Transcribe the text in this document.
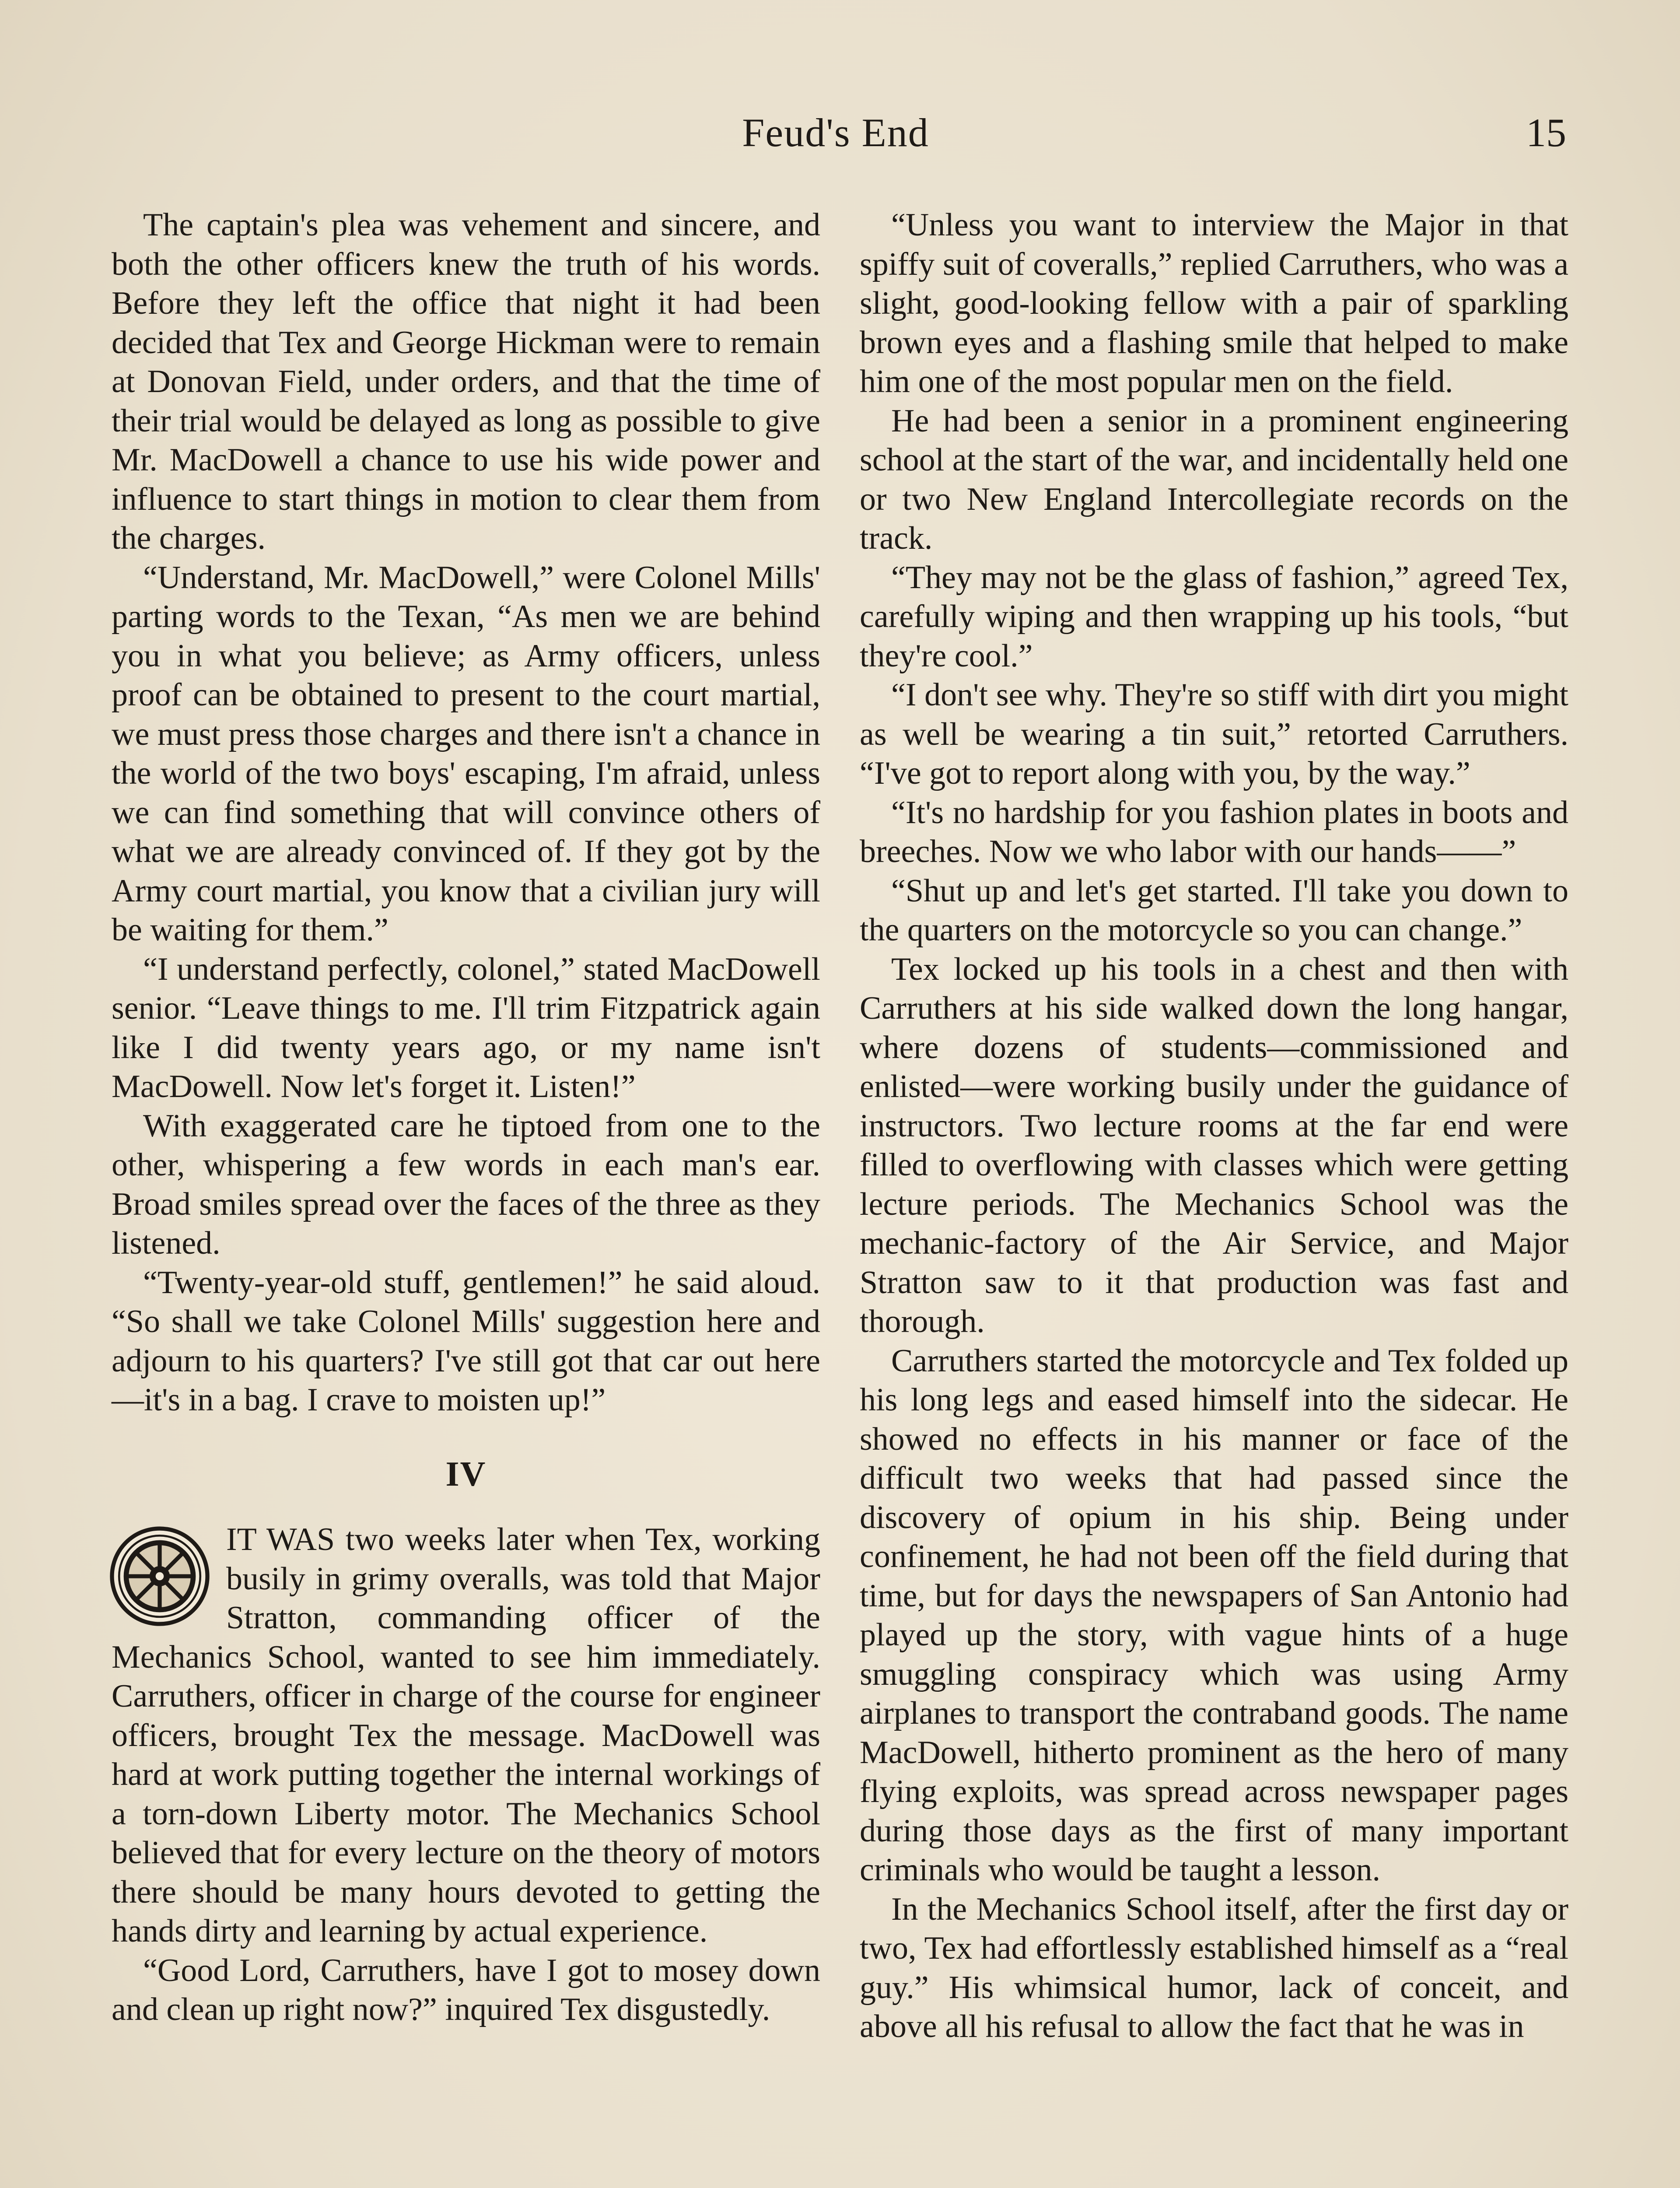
Feud's End	15

The captain's plea was vehement and sincere, and both the other officers knew the truth of his words. Before they left the office that night it had been decided that Tex and George Hickman were to remain at Donovan Field, under orders, and that the time of their trial would be delayed as long as possible to give Mr. MacDowell a chance to use his wide power and influence to start things in motion to clear them from the charges.

“Understand, Mr. MacDowell,” were Colonel Mills' parting words to the Texan, “As men we are behind you in what you believe; as Army officers, unless proof can be obtained to present to the court martial, we must press those charges and there isn't a chance in the world of the two boys' escaping, I'm afraid, unless we can find something that will convince others of what we are already convinced of. If they got by the Army court martial, you know that a civilian jury will be waiting for them.”

“I understand perfectly, colonel,” stated MacDowell senior. “Leave things to me. I'll trim Fitzpatrick again like I did twenty years ago, or my name isn't MacDowell. Now let's forget it. Listen!”

With exaggerated care he tiptoed from one to the other, whispering a few words in each man's ear. Broad smiles spread over the faces of the three as they listened.

“Twenty-year-old stuff, gentlemen!” he said aloud. “So shall we take Colonel Mills' suggestion here and adjourn to his quarters? I've still got that car out here—it's in a bag. I crave to moisten up!”

IV

IT WAS two weeks later when Tex, working busily in grimy overalls, was told that Major Stratton, commanding officer of the Mechanics School, wanted to see him immediately. Carruthers, officer in charge of the course for engineer officers, brought Tex the message. MacDowell was hard at work putting together the internal workings of a torn-down Liberty motor. The Mechanics School believed that for every lecture on the theory of motors there should be many hours devoted to getting the hands dirty and learning by actual experience.

“Good Lord, Carruthers, have I got to mosey down and clean up right now?” inquired Tex disgustedly.

“Unless you want to interview the Major in that spiffy suit of coveralls,” replied Carruthers, who was a slight, good-looking fellow with a pair of sparkling brown eyes and a flashing smile that helped to make him one of the most popular men on the field.

He had been a senior in a prominent engineering school at the start of the war, and incidentally held one or two New England Intercollegiate records on the track.

“They may not be the glass of fashion,” agreed Tex, carefully wiping and then wrapping up his tools, “but they're cool.”

“I don't see why. They're so stiff with dirt you might as well be wearing a tin suit,” retorted Carruthers. “I've got to report along with you, by the way.”

“It's no hardship for you fashion plates in boots and breeches. Now we who labor with our hands——”

“Shut up and let's get started. I'll take you down to the quarters on the motorcycle so you can change.”

Tex locked up his tools in a chest and then with Carruthers at his side walked down the long hangar, where dozens of students—commissioned and enlisted—were working busily under the guidance of instructors. Two lecture rooms at the far end were filled to overflowing with classes which were getting lecture periods. The Mechanics School was the mechanic-factory of the Air Service, and Major Stratton saw to it that production was fast and thorough.

Carruthers started the motorcycle and Tex folded up his long legs and eased himself into the sidecar. He showed no effects in his manner or face of the difficult two weeks that had passed since the discovery of opium in his ship. Being under confinement, he had not been off the field during that time, but for days the newspapers of San Antonio had played up the story, with vague hints of a huge smuggling conspiracy which was using Army airplanes to transport the contraband goods. The name MacDowell, hitherto prominent as the hero of many flying exploits, was spread across newspaper pages during those days as the first of many important criminals who would be taught a lesson.

In the Mechanics School itself, after the first day or two, Tex had effortlessly established himself as a “real guy.” His whimsical humor, lack of conceit, and above all his refusal to allow the fact that he was in
